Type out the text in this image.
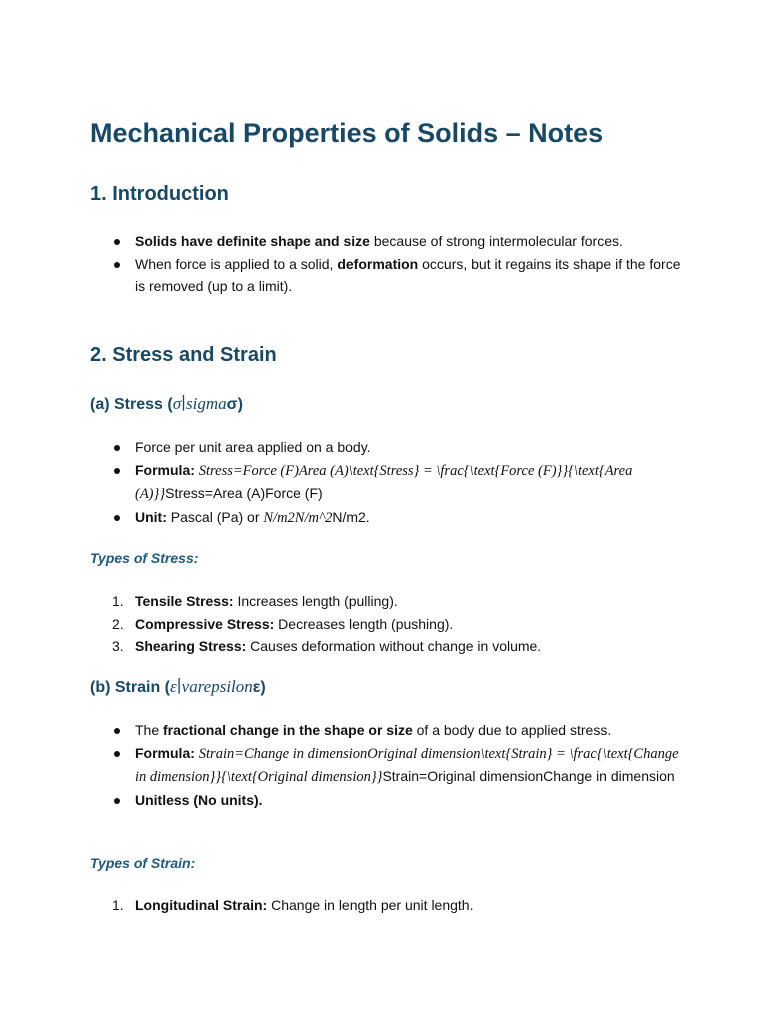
Mechanical Properties of Solids – Notes
1. Introduction
Solids have definite shape and size because of strong intermolecular forces.
When force is applied to a solid, deformation occurs, but it regains its shape if the force is removed (up to a limit).
2. Stress and Strain
(a) Stress (σ∣sigmaσ)
Force per unit area applied on a body.
Formula: Stress=Force (F)Area (A)\text{Stress} = \frac{\text{Force (F)}}{\text{Area (A)}}Stress=Area (A)Force (F)
Unit: Pascal (Pa) or N/m2N/m^2N/m2.
Types of Stress:
1. Tensile Stress: Increases length (pulling).
2. Compressive Stress: Decreases length (pushing).
3. Shearing Stress: Causes deformation without change in volume.
(b) Strain (ε∣varepsilonε)
The fractional change in the shape or size of a body due to applied stress.
Formula: Strain=Change in dimensionOriginal dimension\text{Strain} = \frac{\text{Change in dimension}}{\text{Original dimension}}Strain=Original dimensionChange in dimension
Unitless (No units).
Types of Strain:
1. Longitudinal Strain: Change in length per unit length.
